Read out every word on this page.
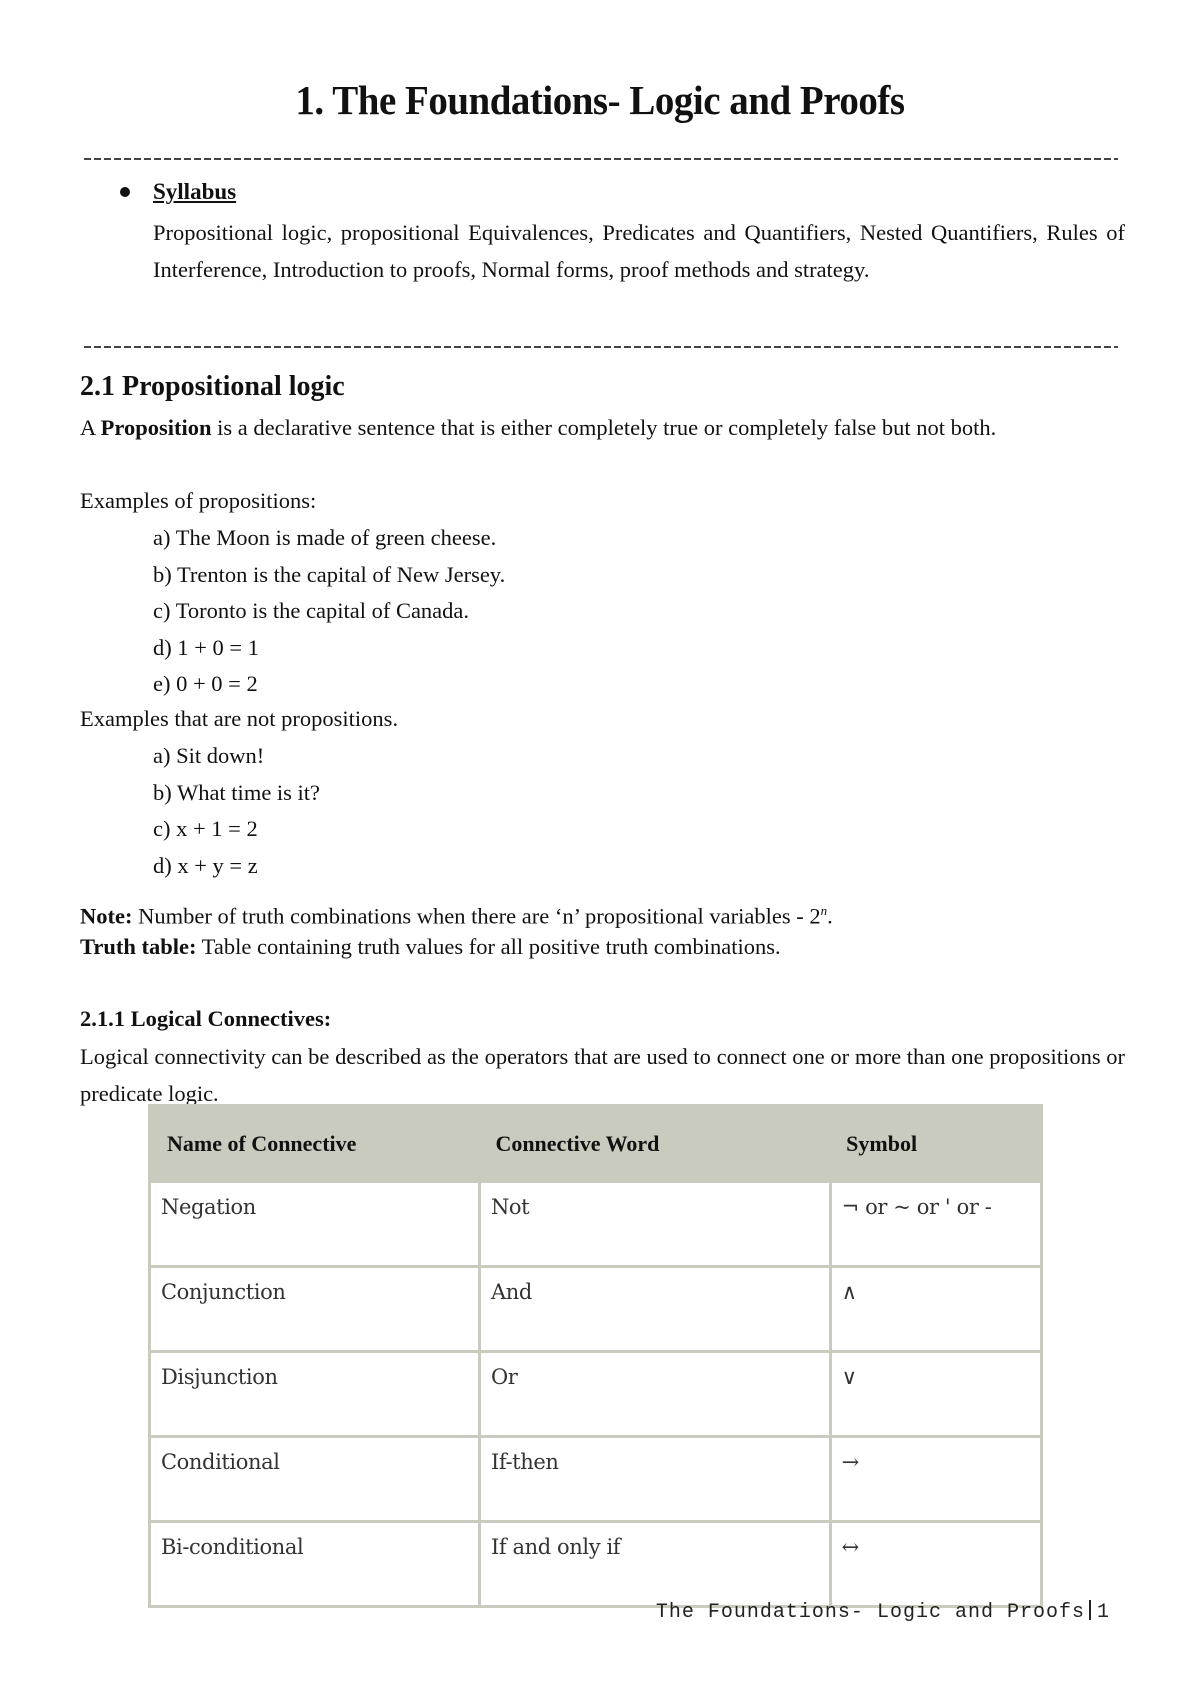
1. The Foundations- Logic and Proofs
Syllabus
Propositional logic, propositional Equivalences, Predicates and Quantifiers, Nested Quantifiers, Rules of Interference, Introduction to proofs, Normal forms, proof methods and strategy.
2.1 Propositional logic
A Proposition is a declarative sentence that is either completely true or completely false but not both.
Examples of propositions:
a) The Moon is made of green cheese.
b) Trenton is the capital of New Jersey.
c) Toronto is the capital of Canada.
d) 1 + 0 = 1
e) 0 + 0 = 2
Examples that are not propositions.
a) Sit down!
b) What time is it?
c) x + 1 = 2
d) x + y = z
Note: Number of truth combinations when there are ‘n’ propositional variables - 2$^n$.
Truth table: Table containing truth values for all positive truth combinations.
2.1.1 Logical Connectives:
Logical connectivity can be described as the operators that are used to connect one or more than one propositions or predicate logic.
Name of Connective	Connective Word	Symbol
Negation	Not	¬ or ~ or ' or -
Conjunction	And	∧
Disjunction	Or	∨
Conditional	If-then	→
Bi-conditional	If and only if	↔
The Foundations- Logic and Proofs 1
